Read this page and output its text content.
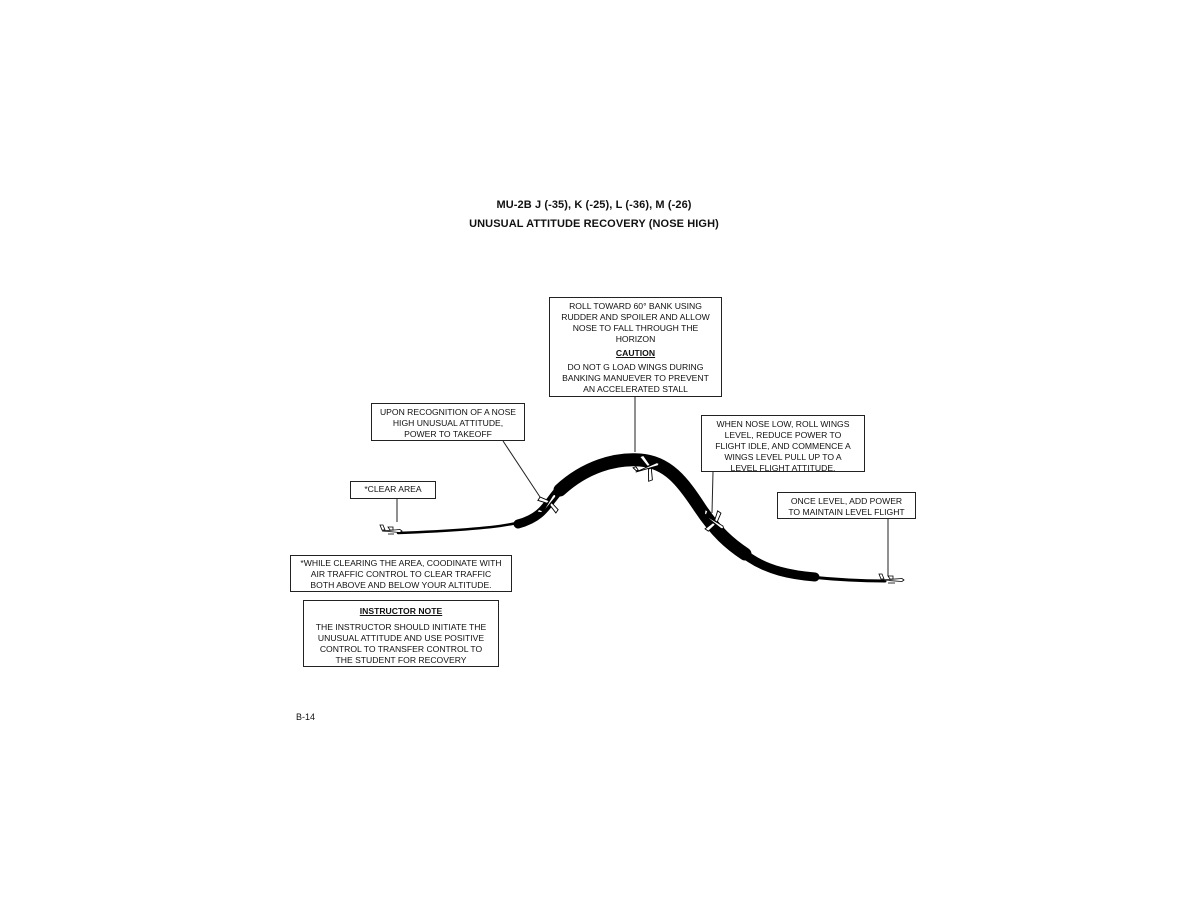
MU-2B J (-35), K (-25), L (-36), M (-26)
UNUSUAL ATTITUDE RECOVERY (NOSE HIGH)
*CLEAR AREA
UPON RECOGNITION OF A NOSE
HIGH UNUSUAL ATTITUDE,
POWER TO TAKEOFF
ROLL TOWARD 60° BANK USING
RUDDER AND SPOILER AND ALLOW
NOSE TO FALL THROUGH THE
HORIZON
CAUTION
DO NOT G LOAD WINGS DURING
BANKING MANUEVER TO PREVENT
AN ACCELERATED STALL
WHEN NOSE LOW, ROLL WINGS
LEVEL, REDUCE POWER TO
FLIGHT IDLE, AND COMMENCE A
WINGS LEVEL PULL UP TO A
LEVEL FLIGHT ATTITUDE.
ONCE LEVEL, ADD POWER
TO MAINTAIN LEVEL FLIGHT
*WHILE CLEARING THE AREA, COODINATE WITH
AIR TRAFFIC CONTROL TO CLEAR TRAFFIC
BOTH ABOVE AND BELOW YOUR ALTITUDE.
INSTRUCTOR NOTE
THE INSTRUCTOR SHOULD INITIATE THE
UNUSUAL ATTITUDE AND USE POSITIVE
CONTROL TO TRANSFER CONTROL TO
THE STUDENT FOR RECOVERY
B-14
